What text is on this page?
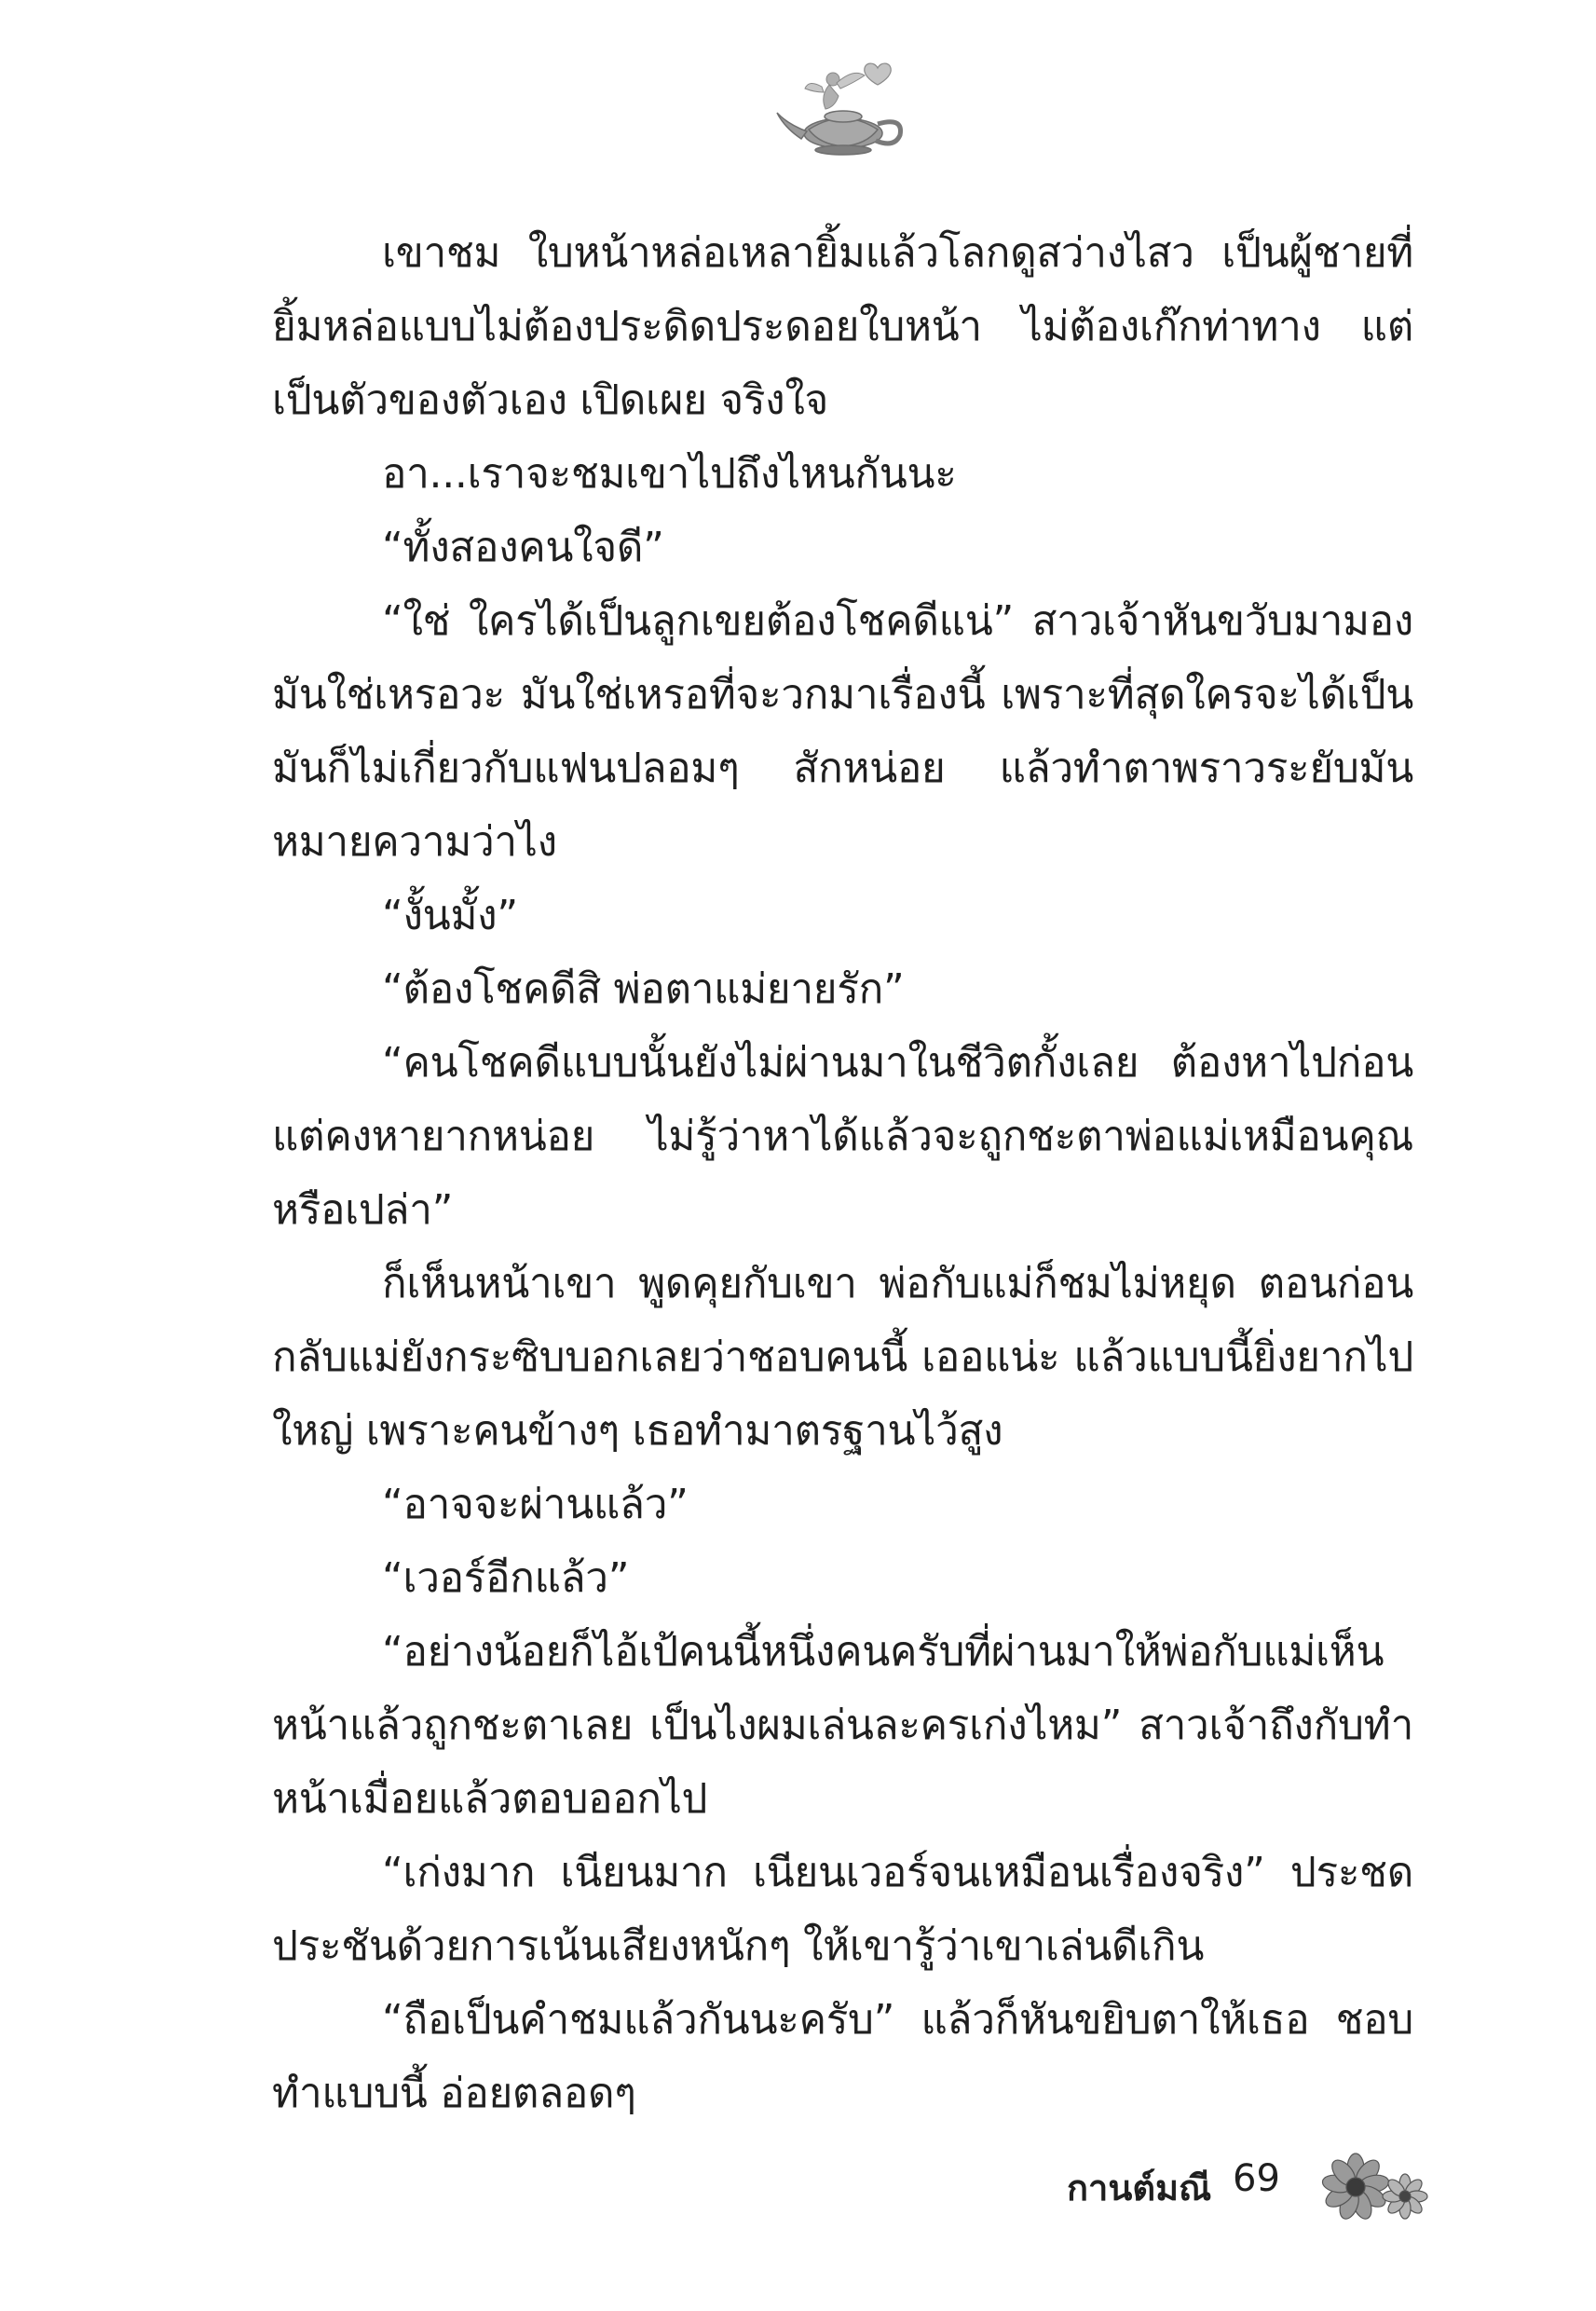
เขาชม ใบหน้าหล่อเหลายิ้มแล้วโลกดูสว่างไสว เป็นผู้ชายที่ยิ้มหล่อแบบไม่ต้องประดิดประดอยใบหน้า ไม่ต้องเก๊กท่าทาง แต่เป็นตัวของตัวเอง เปิดเผย จริงใจ

อา...เราจะชมเขาไปถึงไหนกันนะ

“ทั้งสองคนใจดี”

“ใช่ ใครได้เป็นลูกเขยต้องโชคดีแน่” สาวเจ้าหันขวับมามอง มันใช่เหรอวะ มันใช่เหรอที่จะวกมาเรื่องนี้ เพราะที่สุดใครจะได้เป็นมันก็ไม่เกี่ยวกับแฟนปลอมๆ สักหน่อย แล้วทำตาพราวระยับมันหมายความว่าไง

“งั้นมั้ง”

“ต้องโชคดีสิ พ่อตาแม่ยายรัก”

“คนโชคดีแบบนั้นยังไม่ผ่านมาในชีวิตกั้งเลย ต้องหาไปก่อน แต่คงหายากหน่อย ไม่รู้ว่าหาได้แล้วจะถูกชะตาพ่อแม่เหมือนคุณหรือเปล่า”

ก็เห็นหน้าเขา พูดคุยกับเขา พ่อกับแม่ก็ชมไม่หยุด ตอนก่อนกลับแม่ยังกระซิบบอกเลยว่าชอบคนนี้ เออแน่ะ แล้วแบบนี้ยิ่งยากไปใหญ่ เพราะคนข้างๆ เธอทำมาตรฐานไว้สูง

“อาจจะผ่านแล้ว”

“เวอร์อีกแล้ว”

“อย่างน้อยก็ไอ้เป้คนนี้หนึ่งคนครับที่ผ่านมาให้พ่อกับแม่เห็นหน้าแล้วถูกชะตาเลย เป็นไงผมเล่นละครเก่งไหม” สาวเจ้าถึงกับทำหน้าเมื่อยแล้วตอบออกไป

“เก่งมาก เนียนมาก เนียนเวอร์จนเหมือนเรื่องจริง” ประชดประชันด้วยการเน้นเสียงหนักๆ ให้เขารู้ว่าเขาเล่นดีเกิน

“ถือเป็นคำชมแล้วกันนะครับ” แล้วก็หันขยิบตาให้เธอ ชอบทำแบบนี้ อ่อยตลอดๆ

กานต์มณี 69
